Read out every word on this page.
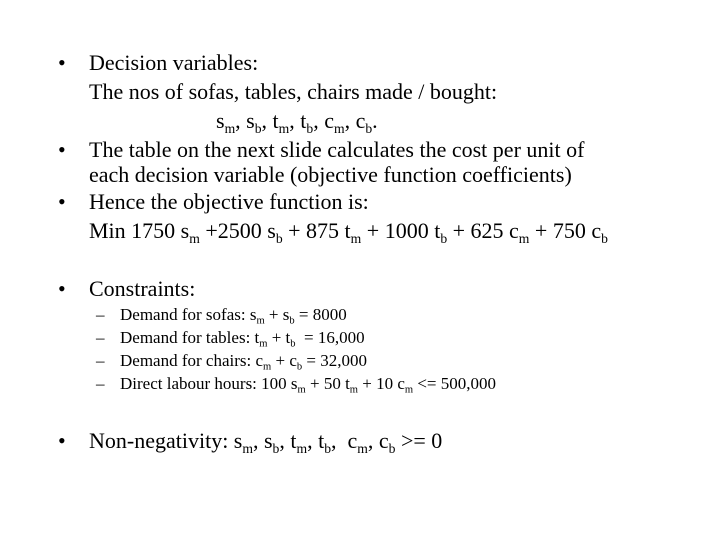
• Decision variables:
The nos of sofas, tables, chairs made / bought:
$s_m$, $s_b$, $t_m$, $t_b$, $c_m$, $c_b$.
• The table on the next slide calculates the cost per unit of
each decision variable (objective function coefficients)
• Hence the objective function is:
Min 1750 $s_m +2500$ $s_b + 875$ $t_m + 1000$ $t_b + 625$ $c_m + 750$ $c_b$
• Constraints:
– Demand for sofas: $s_m + s_b = 8000$
– Demand for tables: $t_m + t_b = 16,000$
– Demand for chairs: $c_m + c_b = 32,000$
– Direct labour hours: 100 $s_m + 50$ $t_m + 10$ $c_m <= 500,000$
• Non-negativity: $s_m$, $s_b$, $t_m$, $t_b$,  $c_m$, $c_b >= 0$
